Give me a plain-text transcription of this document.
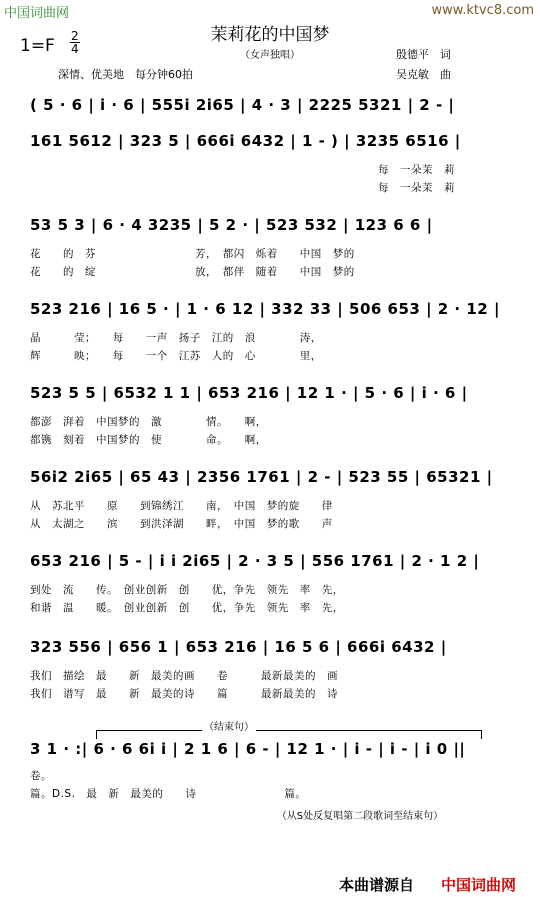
中国词曲网	www.ktvc8.com
茉莉花的中国梦
（女声独唱）
1=F 2
4
深情、优美地　每分钟60拍
殷德平　词
吴克敏　曲
( 5 · 6 | i · 6 | 555i 2i65 | 4 · 3 | 2225 5321 | 2 - |
161 5612 | 323 5 | 666i 6432 | 1 - ) | 3235 6516 |
每　一朵茉　莉
每　一朵茉　莉
53 5 3 | 6 · 4 3235 | 5 2 · | 523 532 | 123 6 6 |
花　　的　芬　　　　　　　　　芳，　都闪　烁着　　中国　梦的
花　　的　绽　　　　　　　　　放，　都伴　随着　　中国　梦的
523 216 | 16 5 · | 1 · 6 12 | 332 33 | 506 653 | 2 · 12 |
晶　　　莹；　　每　　一声　扬子　江的　浪　　　　涛，
辉　　　映；　　每　　一个　江苏　人的　心　　　　里，
523 5 5 | 6532 1 1 | 653 216 | 12 1 · | 5 · 6 | i · 6 |
都澎　湃着　中国梦的　激　　　　情。　　啊，
都镌　刻着　中国梦的　使　　　　命。　　啊，
56i2 2i65 | 65 43 | 2356 1761 | 2 - | 523 55 | 65321 |
从　苏北平　　原　　到锦绣江　　南，　中国　梦的旋　　律
从　太湖之　　滨　　到洪泽湖　　畔，　中国　梦的歌　　声
653 216 | 5 - | i i 2i65 | 2 · 3 5 | 556 1761 | 2 · 1 2 |
到处　流　　传。　创业创新　创　　优，争先　领先　率　先，
和谐　温　　暖。　创业创新　创　　优，争先　领先　率　先，
323 556 | 656 1 | 653 216 | 16 5 6 | 666i 6432 |
我们　描绘　最　　新　最美的画　　卷　　　最新最美的　画
我们　谱写　最　　新　最美的诗　　篇　　　最新最美的　诗
（结束句）
3 1 · :| 6 · 6 6i i | 2 1 6 | 6 - | 12 1 · | i - | i - | i 0 ||
卷。
篇。D.S.　最　新　最美的　　诗　　　　　　　　篇。
（从S处反复唱第二段歌词至结束句）
本曲谱源自 中国词曲网
